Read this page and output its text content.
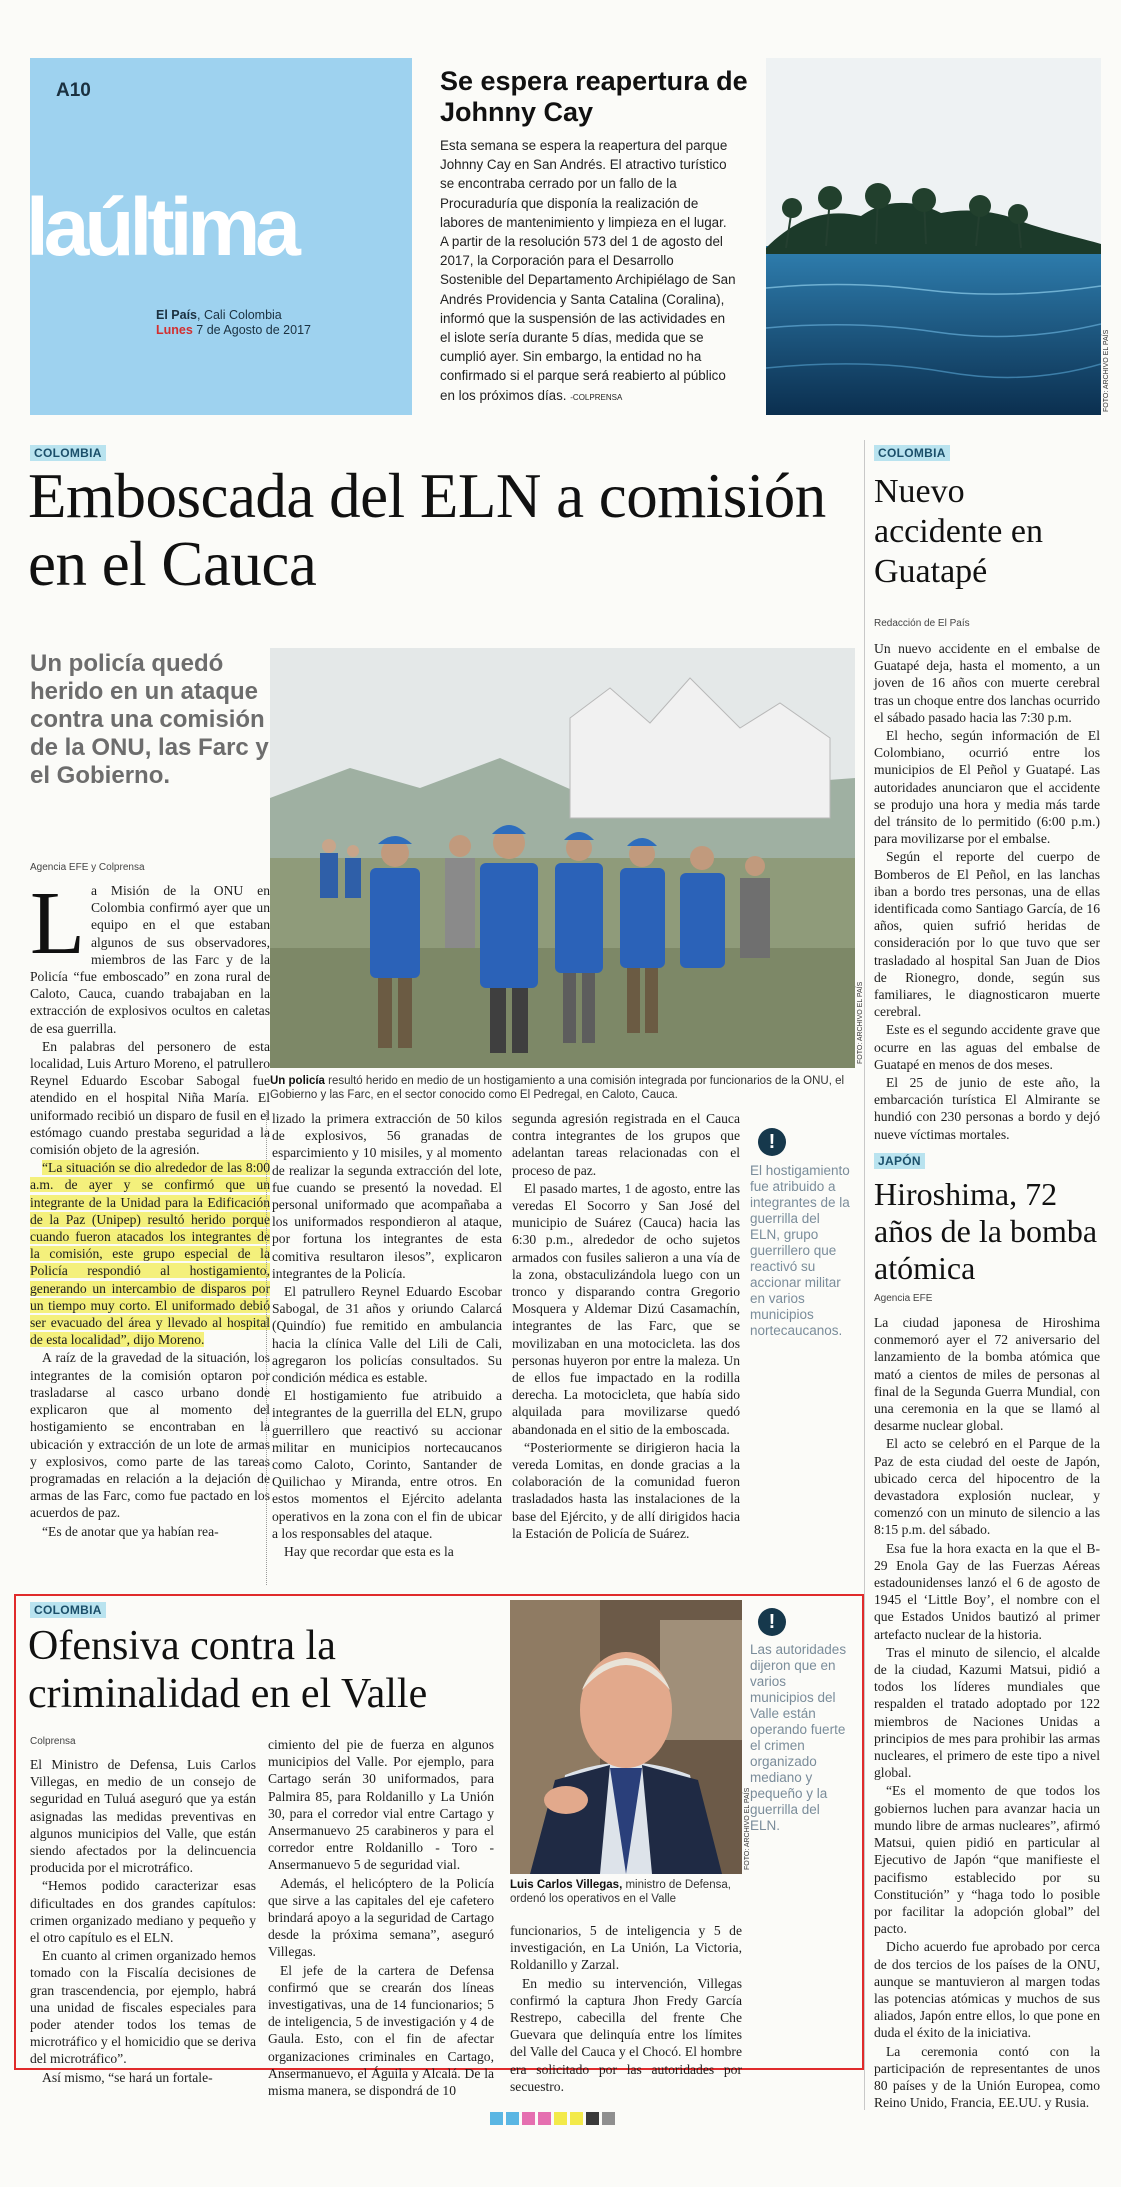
A10
laúltima
El País, Cali Colombia
Lunes 7 de Agosto de 2017
Se espera reapertura de Johnny Cay
Esta semana se espera la reapertura del parque Johnny Cay en San Andrés. El atractivo turístico se encontraba cerrado por un fallo de la Procuraduría que disponía la realización de labores de mantenimiento y limpieza en el lugar. A partir de la resolución 573 del 1 de agosto del 2017, la Corporación para el Desarrollo Sostenible del Departamento Archipiélago de San Andrés Providencia y Santa Catalina (Coralina), informó que la suspensión de las actividades en el islote sería durante 5 días, medida que se cumplió ayer. Sin embargo, la entidad no ha confirmado si el parque será reabierto al público en los próximos días. -COLPRENSA	FOTO: ARCHIVO EL PAÍS
COLOMBIA
Emboscada del ELN a comisión en el Cauca
Un policía quedó herido en un ataque contra una comisión de la ONU, las Farc y el Gobierno.
Agencia EFE y Colprensa
FOTO: ARCHIVO EL PAÍS
Un policía resultó herido en medio de un hostigamiento a una comisión integrada por funcionarios de la ONU, el Gobierno y las Farc, en el sector conocido como El Pedregal, en Caloto, Cauca.

La Misión de la ONU en Colombia confirmó ayer que un equipo en el que estaban algunos de sus observadores, miembros de las Farc y de la Policía “fue emboscado” en zona rural de Caloto, Cauca, cuando trabajaban en la extracción de explosivos ocultos en caletas de esa guerrilla.

En palabras del personero de esta localidad, Luis Arturo Moreno, el patrullero Reynel Eduardo Escobar Sabogal fue atendido en el hospital Niña María. El uniformado recibió un disparo de fusil en el estómago cuando prestaba seguridad a la comisión objeto de la agresión.

“La situación se dio alrededor de las 8:00 a.m. de ayer y se confirmó que un integrante de la Unidad para la Edificación de la Paz (Unipep) resultó herido porque cuando fueron atacados los integrantes de la comisión, este grupo especial de la Policía respondió al hostigamiento, generando un intercambio de disparos por un tiempo muy corto. El uniformado debió ser evacuado del área y llevado al hospital de esta localidad”, dijo Moreno.

A raíz de la gravedad de la situación, los integrantes de la comisión optaron por trasladarse al casco urbano donde explicaron que al momento del hostigamiento se encontraban en la ubicación y extracción de un lote de armas y explosivos, como parte de las tareas programadas en relación a la dejación de armas de las Farc, como fue pactado en los acuerdos de paz.

“Es de anotar que ya habían rea-

lizado la primera extracción de 50 kilos de explosivos, 56 granadas de esparcimiento y 10 misiles, y al momento de realizar la segunda extracción del lote, fue cuando se presentó la novedad. El personal uniformado que acompañaba a los uniformados respondieron al ataque, por fortuna los integrantes de esta comitiva resultaron ilesos”, explicaron integrantes de la Policía.

El patrullero Reynel Eduardo Escobar Sabogal, de 31 años y oriundo Calarcá (Quindío) fue remitido en ambulancia hacia la clínica Valle del Lili de Cali, agregaron los policías consultados. Su condición médica es estable.

El hostigamiento fue atribuido a integrantes de la guerrilla del ELN, grupo guerrillero que reactivó su accionar militar en municipios nortecaucanos como Caloto, Corinto, Santander de Quilichao y Miranda, entre otros. En estos momentos el Ejército adelanta operativos en la zona con el fin de ubicar a los responsables del ataque.

Hay que recordar que esta es la

segunda agresión registrada en el Cauca contra integrantes de los grupos que adelantan tareas relacionadas con el proceso de paz.

El pasado martes, 1 de agosto, entre las veredas El Socorro y San José del municipio de Suárez (Cauca) hacia las 6:30 p.m., alrededor de ocho sujetos armados con fusiles salieron a una vía de la zona, obstaculizándola luego con un tronco y disparando contra Gregorio Mosquera y Aldemar Dizú Casamachín, integrantes de las Farc, que se movilizaban en una motocicleta. las dos personas huyeron por entre la maleza. Un de ellos fue impactado en la rodilla derecha. La motocicleta, que había sido alquilada para movilizarse quedó abandonada en el sitio de la emboscada.

“Posteriormente se dirigieron hacia la vereda Lomitas, en donde gracias a la colaboración de la comunidad fueron trasladados hasta las instalaciones de la base del Ejército, y de allí dirigidos hacia la Estación de Policía de Suárez.

!
El hostigamiento fue atribuido a integrantes de la guerrilla del ELN, grupo guerrillero que reactivó su accionar militar en varios municipios nortecaucanos.
COLOMBIA
Nuevo accidente en Guatapé
Redacción de El País

Un nuevo accidente en el embalse de Guatapé deja, hasta el momento, a un joven de 16 años con muerte cerebral tras un choque entre dos lanchas ocurrido el sábado pasado hacia las 7:30 p.m.

El hecho, según información de El Colombiano, ocurrió entre los municipios de El Peñol y Guatapé. Las autoridades anunciaron que el accidente se produjo una hora y media más tarde del tránsito de lo permitido (6:00 p.m.) para movilizarse por el embalse.

Según el reporte del cuerpo de Bomberos de El Peñol, en las lanchas iban a bordo tres personas, una de ellas identificada como Santiago García, de 16 años, quien sufrió heridas de consideración por lo que tuvo que ser trasladado al hospital San Juan de Dios de Rionegro, donde, según sus familiares, le diagnosticaron muerte cerebral.

Este es el segundo accidente grave que ocurre en las aguas del embalse de Guatapé en menos de dos meses.

El 25 de junio de este año, la embarcación turística El Almirante se hundió con 230 personas a bordo y dejó nueve víctimas mortales.

JAPÓN
Hiroshima, 72 años de la bomba atómica
Agencia EFE

La ciudad japonesa de Hiroshima conmemoró ayer el 72 aniversario del lanzamiento de la bomba atómica que mató a cientos de miles de personas al final de la Segunda Guerra Mundial, con una ceremonia en la que se llamó al desarme nuclear global.

El acto se celebró en el Parque de la Paz de esta ciudad del oeste de Japón, ubicado cerca del hipocentro de la devastadora explosión nuclear, y comenzó con un minuto de silencio a las 8:15 p.m. del sábado.

Esa fue la hora exacta en la que el B-29 Enola Gay de las Fuerzas Aéreas estadounidenses lanzó el 6 de agosto de 1945 el ‘Little Boy’, el nombre con el que Estados Unidos bautizó al primer artefacto nuclear de la historia.

Tras el minuto de silencio, el alcalde de la ciudad, Kazumi Matsui, pidió a todos los líderes mundiales que respalden el tratado adoptado por 122 miembros de Naciones Unidas a principios de mes para prohibir las armas nucleares, el primero de este tipo a nivel global.

“Es el momento de que todos los gobiernos luchen para avanzar hacia un mundo libre de armas nucleares”, afirmó Matsui, quien pidió en particular al Ejecutivo de Japón “que manifieste el pacifismo establecido por su Constitución” y “haga todo lo posible por facilitar la adopción global” del pacto.

Dicho acuerdo fue aprobado por cerca de dos tercios de los países de la ONU, aunque se mantuvieron al margen todas las potencias atómicas y muchos de sus aliados, Japón entre ellos, lo que pone en duda el éxito de la iniciativa.

La ceremonia contó con la participación de representantes de unos 80 países y de la Unión Europea, como Reino Unido, Francia, EE.UU. y Rusia.

COLOMBIA
Ofensiva contra la criminalidad en el Valle
Colprensa

El Ministro de Defensa, Luis Carlos Villegas, en medio de un consejo de seguridad en Tuluá aseguró que ya están asignadas las medidas preventivas en algunos municipios del Valle, que están siendo afectados por la delincuencia producida por el microtráfico.

“Hemos podido caracterizar esas dificultades en dos grandes capítulos: crimen organizado mediano y pequeño y el otro capítulo es el ELN.

En cuanto al crimen organizado hemos tomado con la Fiscalía decisiones de gran trascendencia, por ejemplo, habrá una unidad de fiscales especiales para poder atender todos los temas de microtráfico y el homicidio que se deriva del microtráfico”.

Así mismo, “se hará un fortale-

cimiento del pie de fuerza en algunos municipios del Valle. Por ejemplo, para Cartago serán 30 uniformados, para Palmira 85, para Roldanillo y La Unión 30, para el corredor vial entre Cartago y Ansermanuevo 25 carabineros y para el corredor entre Roldanillo - Toro - Ansermanuevo 5 de seguridad vial.

Además, el helicóptero de la Policía que sirve a las capitales del eje cafetero brindará apoyo a la seguridad de Cartago desde la próxima semana”, aseguró Villegas.

El jefe de la cartera de Defensa confirmó que se crearán dos líneas investigativas, una de 14 funcionarios; 5 de inteligencia, 5 de investigación y 4 de Gaula. Esto, con el fin de afectar organizaciones criminales en Cartago, Ansermanuevo, el Águila y Alcalá. De la misma manera, se dispondrá de 10

FOTO: ARCHIVO EL PAÍS
Luis Carlos Villegas, ministro de Defensa, ordenó los operativos en el Valle

funcionarios, 5 de inteligencia y 5 de investigación, en La Unión, La Victoria, Roldanillo y Zarzal.

En medio su intervención, Villegas confirmó la captura Jhon Fredy García Restrepo, cabecilla del frente Che Guevara que delinquía entre los límites del Valle del Cauca y el Chocó. El hombre era solicitado por las autoridades por secuestro.

!
Las autoridades dijeron que en varios municipios del Valle están operando fuerte el crimen organizado mediano y pequeño y la guerrilla del ELN.
